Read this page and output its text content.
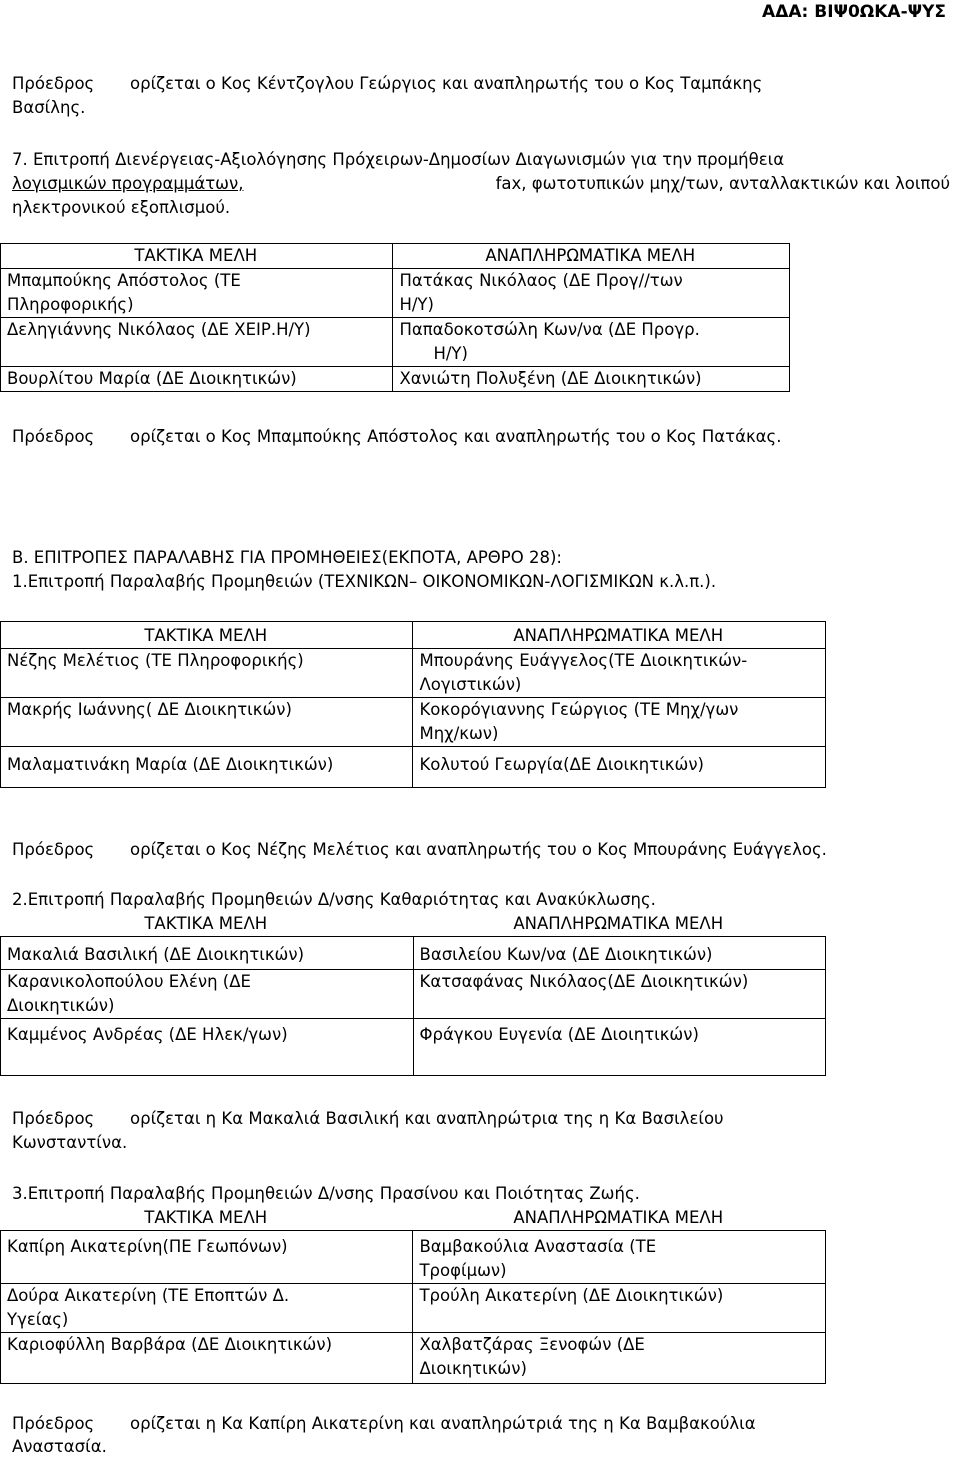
ΑΔΑ: ΒΙΨ0ΩΚΑ-ΨΥΣ
Πρόεδρος ορίζεται ο Κος Κέντζογλου Γεώργιος και αναπληρωτής του ο Κος Ταμπάκης
Βασίλης.
7. Επιτροπή Διενέργειας-Αξιολόγησης Πρόχειρων-Δημοσίων Διαγωνισμών για την προμήθεια
λογισμικών προγραμμάτων,	fax, φωτοτυπικών μηχ/των, ανταλλακτικών και λοιπού
ηλεκτρονικού εξοπλισμού.
ΤΑΚΤΙΚΑ ΜΕΛΗ	ΑΝΑΠΛΗΡΩΜΑΤΙΚΑ ΜΕΛΗ
Μπαμπούκης Απόστολος (ΤΕ	Πατάκας Νικόλαος (ΔΕ Προγ//των
Πληροφορικής)	Η/Υ)
Δεληγιάννης Νικόλαος (ΔΕ ΧΕΙΡ.Η/Υ)	Παπαδοκοτσώλη Κων/να (ΔΕ Προγρ.
	Η/Υ)
Βουρλίτου Μαρία (ΔΕ Διοικητικών)	Χανιώτη Πολυξένη (ΔΕ Διοικητικών)
Πρόεδρος ορίζεται ο Κος Μπαμπούκης Απόστολος και αναπληρωτής του ο Κος Πατάκας.
Β. ΕΠΙΤΡΟΠΕΣ ΠΑΡΑΛΑΒΗΣ ΓΙΑ ΠΡΟΜΗΘΕΙΕΣ(ΕΚΠΟΤΑ, ΑΡΘΡΟ 28):
1.Επιτροπή Παραλαβής Προμηθειών (ΤΕΧΝΙΚΩΝ– ΟΙΚΟΝΟΜΙΚΩΝ-ΛΟΓΙΣΜΙΚΩΝ κ.λ.π.).
ΤΑΚΤΙΚΑ ΜΕΛΗ	ΑΝΑΠΛΗΡΩΜΑΤΙΚΑ ΜΕΛΗ
Νέζης Μελέτιος (ΤΕ Πληροφορικής)	Μπουράνης Ευάγγελος(ΤΕ Διοικητικών-
	Λογιστικών)
Μακρής Ιωάννης( ΔΕ Διοικητικών)	Κοκορόγιαννης Γεώργιος (ΤΕ Μηχ/γων
	Μηχ/κων)
Μαλαματινάκη Μαρία (ΔΕ Διοικητικών)	Κολυτού Γεωργία(ΔΕ Διοικητικών)
Πρόεδρος ορίζεται ο Κος Νέζης Μελέτιος και αναπληρωτής του ο Κος Μπουράνης Ευάγγελος.
2.Επιτροπή Παραλαβής Προμηθειών Δ/νσης Καθαριότητας και Ανακύκλωσης.
ΤΑΚΤΙΚΑ ΜΕΛΗ	ΑΝΑΠΛΗΡΩΜΑΤΙΚΑ ΜΕΛΗ
Μακαλιά Βασιλική (ΔΕ Διοικητικών)	Βασιλείου Κων/να (ΔΕ Διοικητικών)
Καρανικολοπούλου Ελένη (ΔΕ	Κατσαφάνας Νικόλαος(ΔΕ Διοικητικών)
Διοικητικών)	
Καμμένος Ανδρέας (ΔΕ Ηλεκ/γων)	Φράγκου Ευγενία (ΔΕ Διοιητικών)
Πρόεδρος ορίζεται η Κα Μακαλιά Βασιλική και αναπληρώτρια της η Κα Βασιλείου
Κωνσταντίνα.
3.Επιτροπή Παραλαβής Προμηθειών Δ/νσης Πρασίνου και Ποιότητας Ζωής.
ΤΑΚΤΙΚΑ ΜΕΛΗ	ΑΝΑΠΛΗΡΩΜΑΤΙΚΑ ΜΕΛΗ
Καπίρη Αικατερίνη(ΠΕ Γεωπόνων)	Βαμβακούλια Αναστασία (ΤΕ
	Τροφίμων)
Δούρα Αικατερίνη (ΤΕ Εποπτών Δ.	Τρούλη Αικατερίνη (ΔΕ Διοικητικών)
Υγείας)	
Καριοφύλλη Βαρβάρα (ΔΕ Διοικητικών)	Χαλβατζάρας Ξενοφών (ΔΕ
	Διοικητικών)
Πρόεδρος ορίζεται η Κα Καπίρη Αικατερίνη και αναπληρώτριά της η Κα Βαμβακούλια
Αναστασία.
